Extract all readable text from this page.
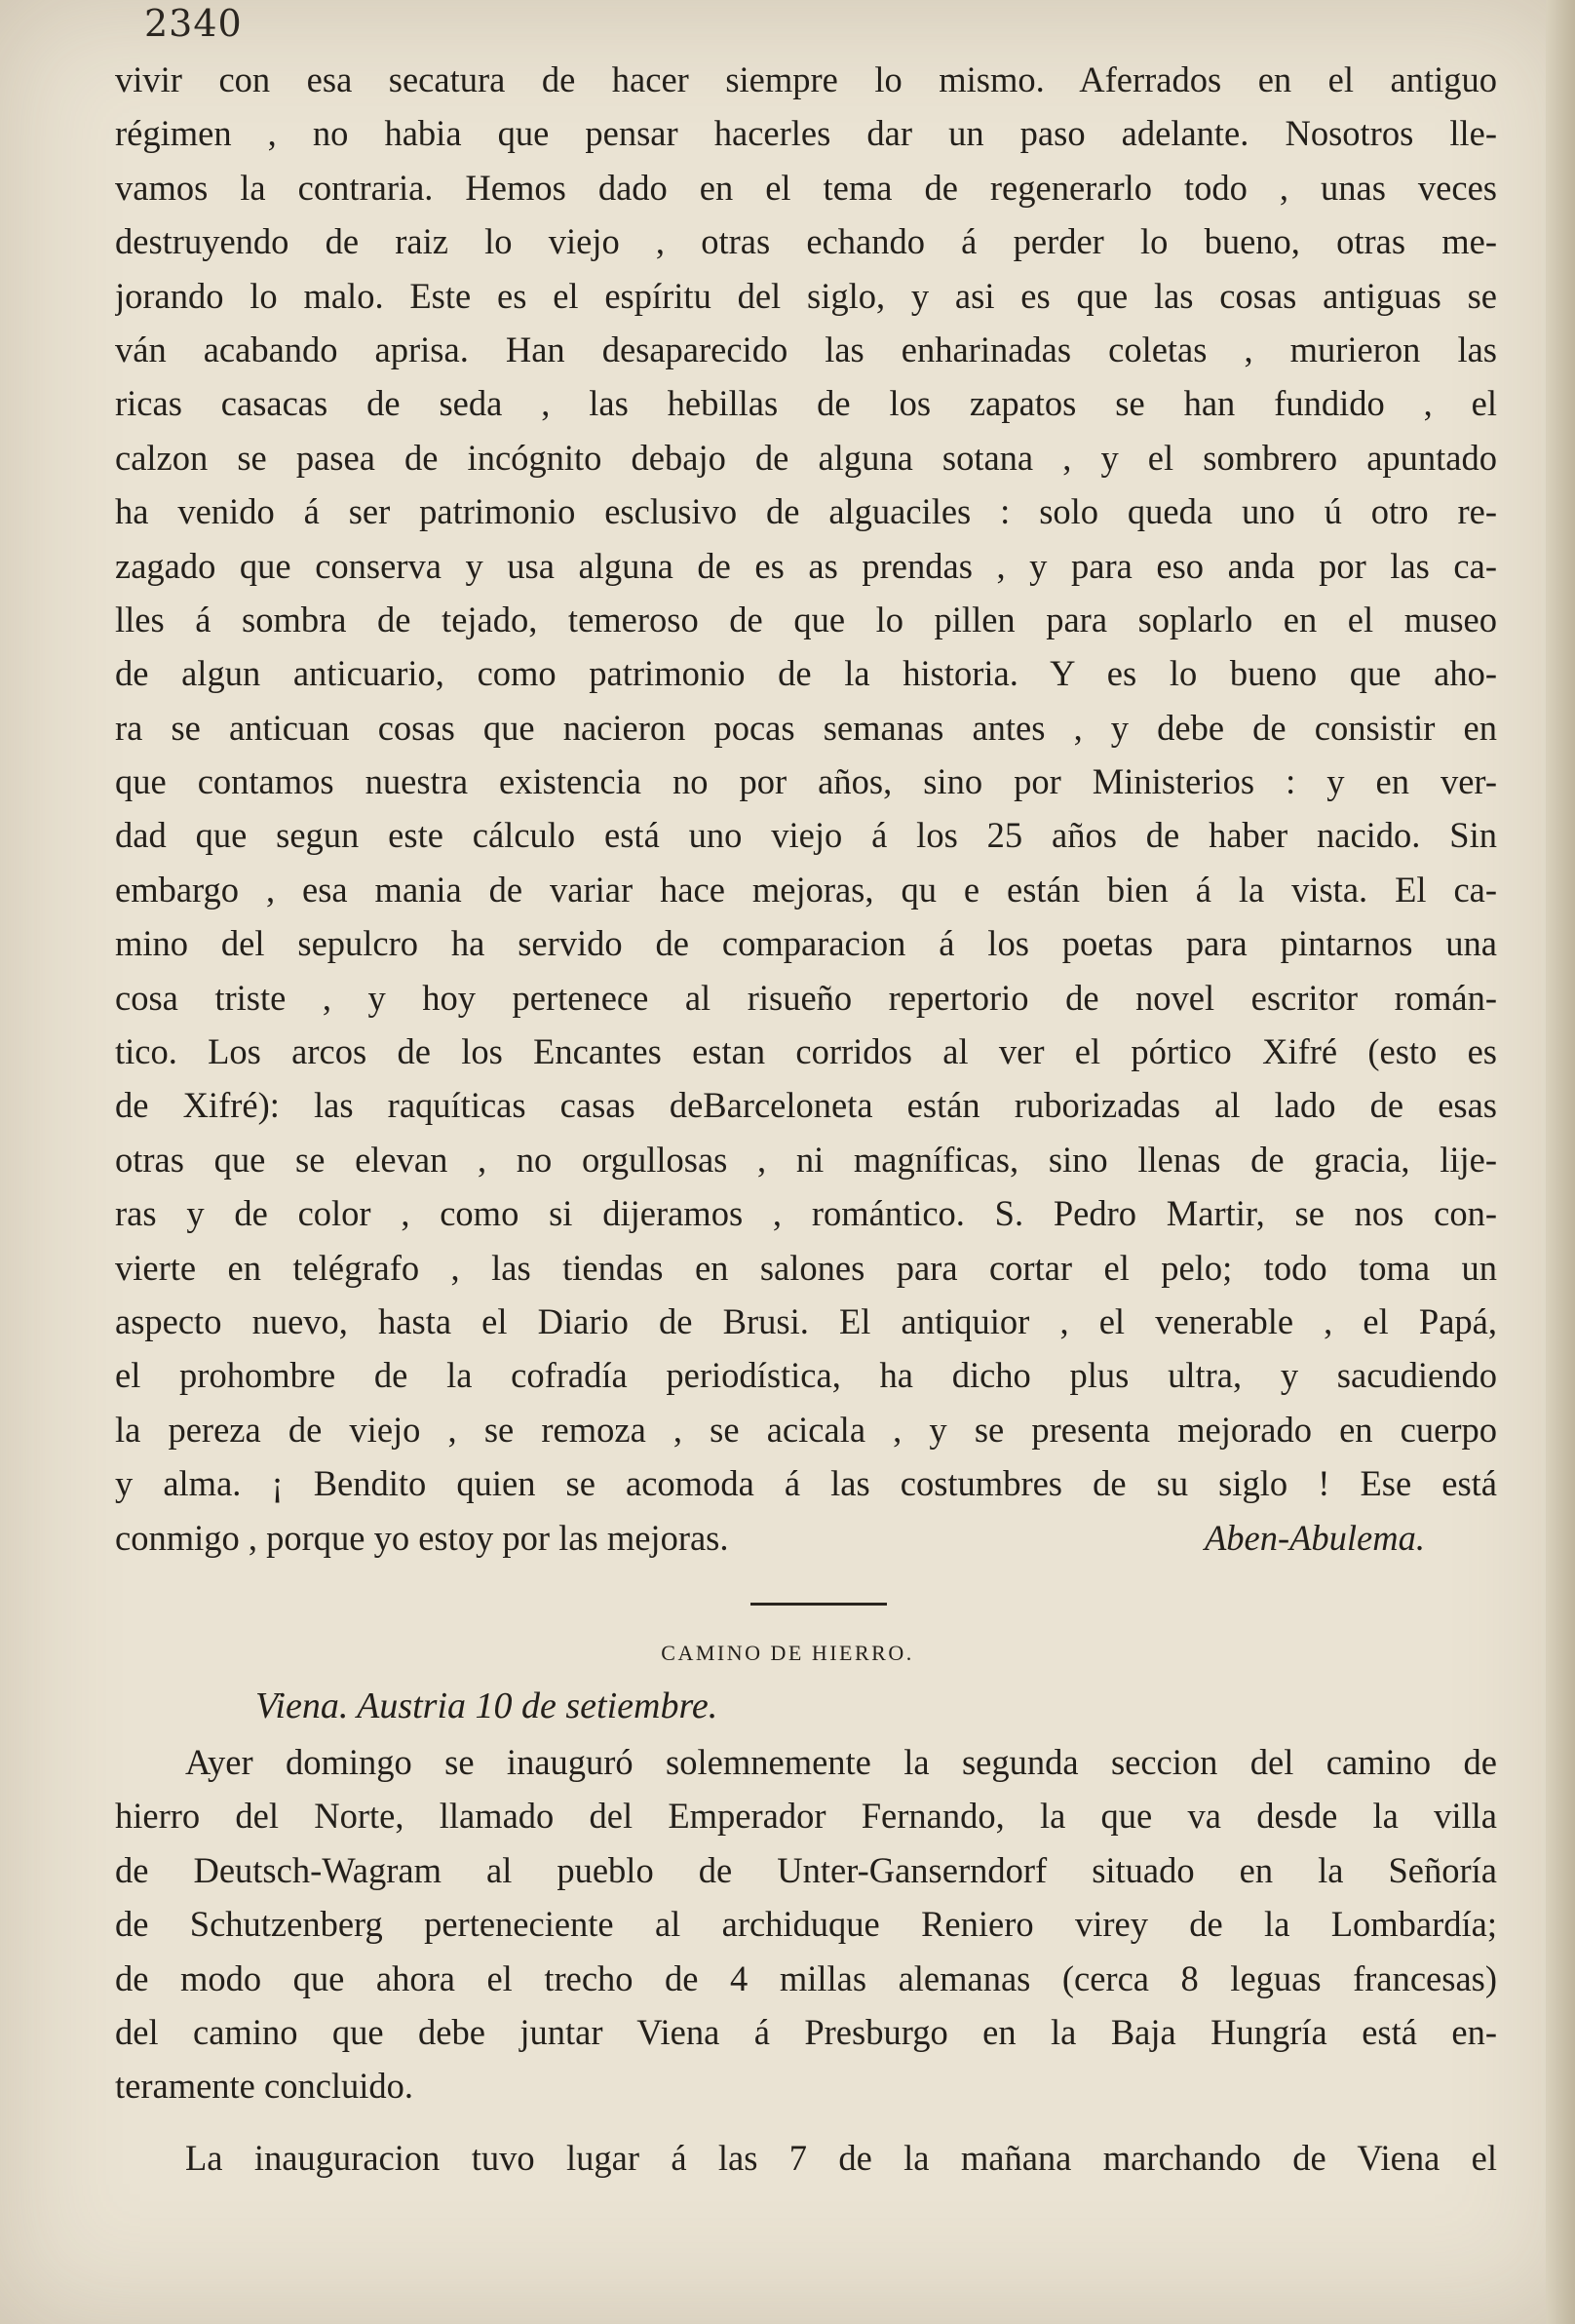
2340
vivir con esa secatura de hacer siempre lo mismo. Aferrados en el antiguo
régimen , no habia que pensar hacerles dar un paso adelante. Nosotros lle-
vamos la contraria. Hemos dado en el tema de regenerarlo todo , unas veces
destruyendo de raiz lo viejo , otras echando á perder lo bueno, otras me-
jorando lo malo. Este es el espíritu del siglo, y asi es que las cosas antiguas se
ván acabando aprisa. Han desaparecido las enharinadas coletas , murieron las
ricas casacas de seda , las hebillas de los zapatos se han fundido , el
calzon se pasea de incógnito debajo de alguna sotana , y el sombrero apuntado
ha venido á ser patrimonio esclusivo de alguaciles : solo queda uno ú otro re-
zagado que conserva y usa alguna de es as prendas , y para eso anda por las ca-
lles á sombra de tejado, temeroso de que lo pillen para soplarlo en el museo
de algun anticuario, como patrimonio de la historia. Y es lo bueno que aho-
ra se anticuan cosas que nacieron pocas semanas antes , y debe de consistir en
que contamos nuestra existencia no por años, sino por Ministerios : y en ver-
dad que segun este cálculo está uno viejo á los 25 años de haber nacido. Sin
embargo , esa mania de variar hace mejoras, qu e están bien á la vista. El ca-
mino del sepulcro ha servido de comparacion á los poetas para pintarnos una
cosa triste , y hoy pertenece al risueño repertorio de novel escritor román-
tico. Los arcos de los Encantes estan corridos al ver el pórtico Xifré (esto es
de Xifré): las raquíticas casas deBarceloneta están ruborizadas al lado de esas
otras que se elevan , no orgullosas , ni magníficas, sino llenas de gracia, lije-
ras y de color , como si dijeramos , romántico. S. Pedro Martir, se nos con-
vierte en telégrafo , las tiendas en salones para cortar el pelo; todo toma un
aspecto nuevo, hasta el Diario de Brusi. El antiquior , el venerable , el Papá,
el prohombre de la cofradía periodística, ha dicho plus ultra, y sacudiendo
la pereza de viejo , se remoza , se acicala , y se presenta mejorado en cuerpo
y alma. ¡ Bendito quien se acomoda á las costumbres de su siglo ! Ese está
conmigo , porque yo estoy por las mejoras.	Aben-Abulema.
CAMINO DE HIERRO.
Viena. Austria 10 de setiembre.
Ayer domingo se inauguró solemnemente la segunda seccion del camino de
hierro del Norte, llamado del Emperador Fernando, la que va desde la villa
de Deutsch-Wagram al pueblo de Unter-Ganserndorf situado en la Señoría
de Schutzenberg perteneciente al archiduque Reniero virey de la Lombardía;
de modo que ahora el trecho de 4 millas alemanas (cerca 8 leguas francesas)
del camino que debe juntar Viena á Presburgo en la Baja Hungría está en-
teramente concluido.
La inauguracion tuvo lugar á las 7 de la mañana marchando de Viena el
